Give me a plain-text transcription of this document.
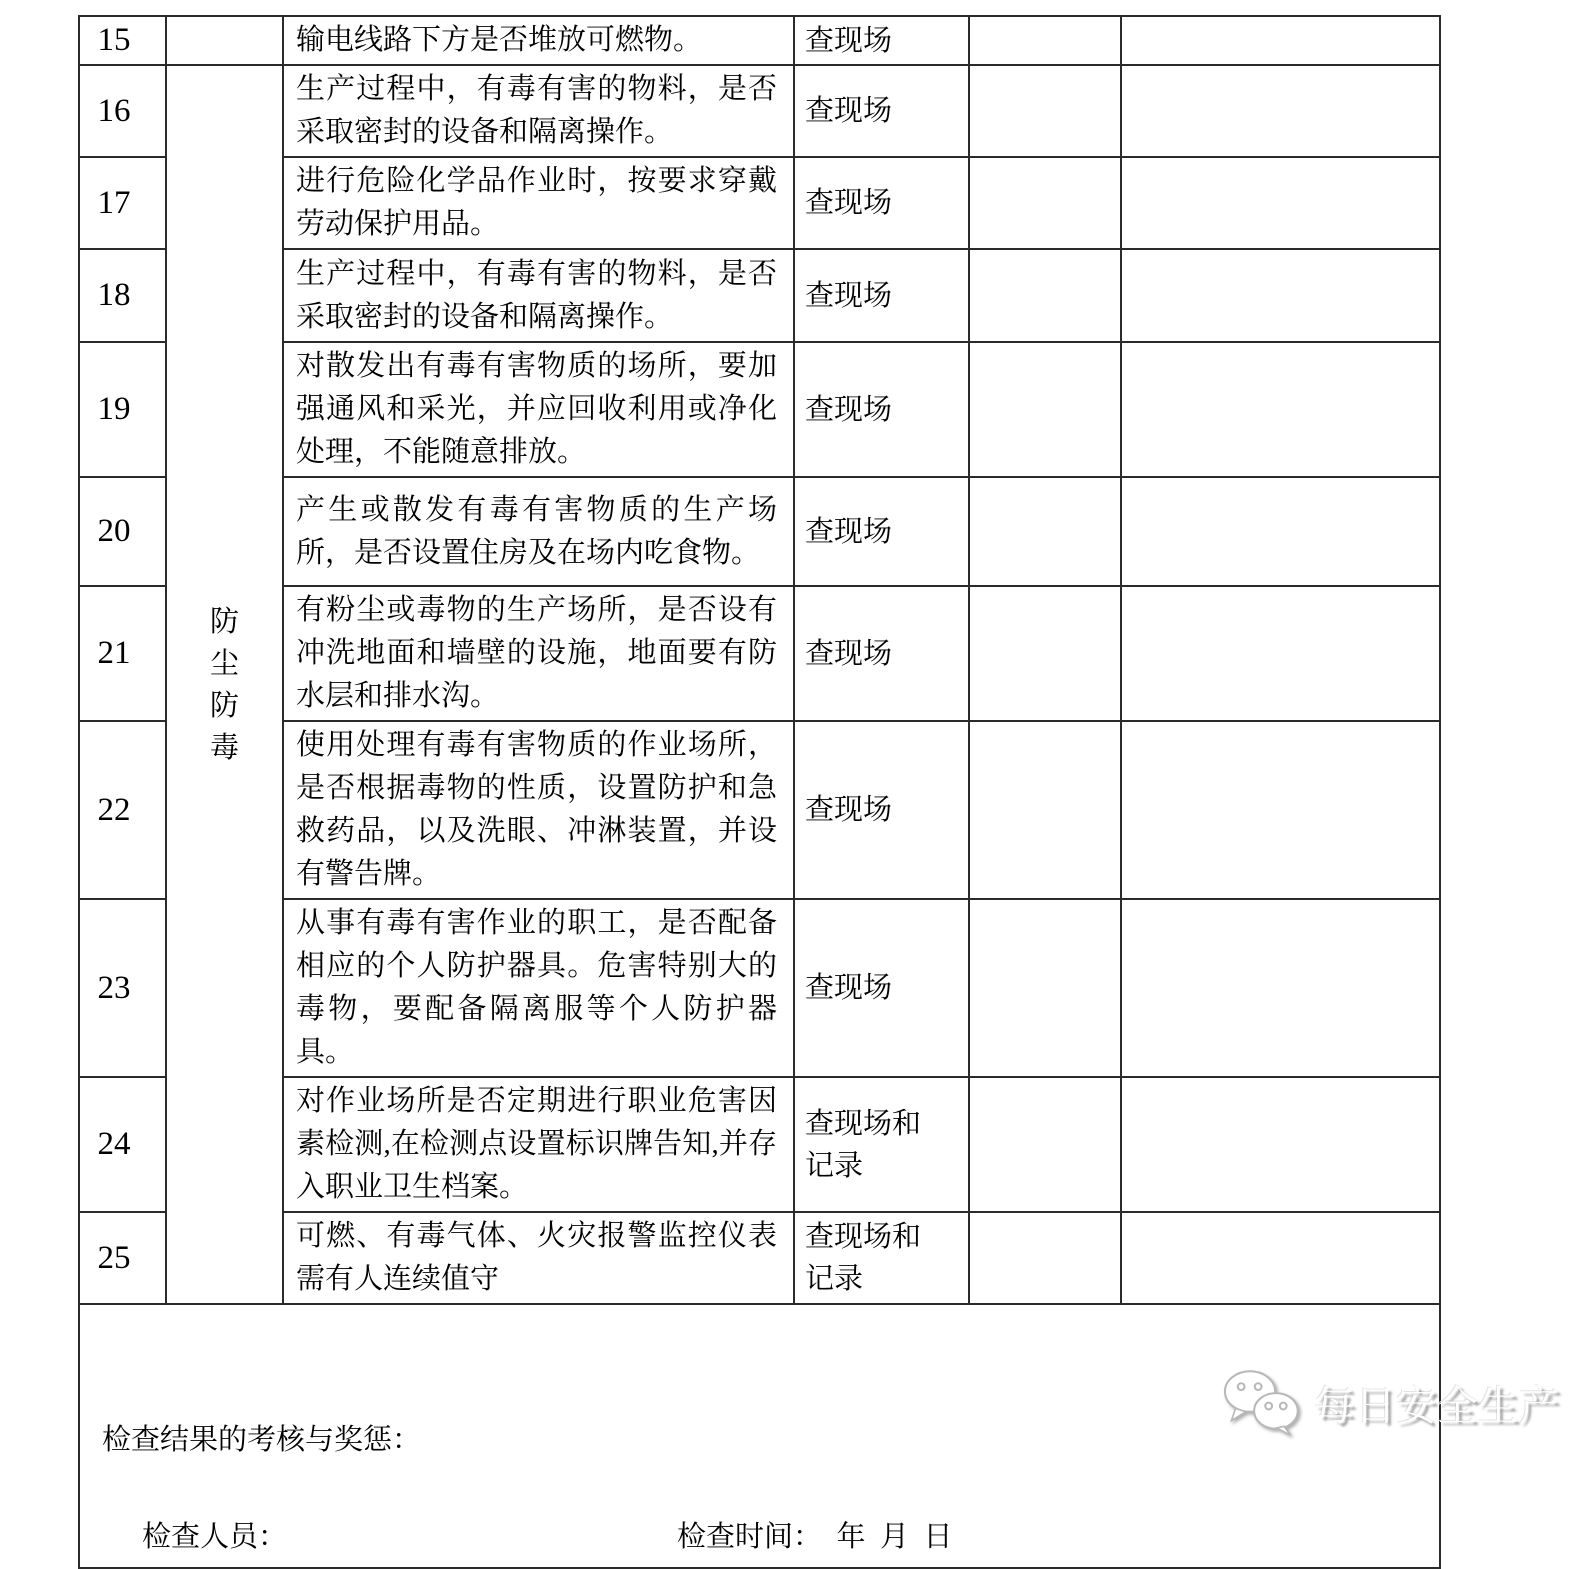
15		输电线路下方是否堆放可燃物。	查现场		
16	防尘防毒	生产过程中，有毒有害的物料，是否采取密封的设备和隔离操作。	查现场		
17		进行危险化学品作业时，按要求穿戴劳动保护用品。	查现场		
18		生产过程中，有毒有害的物料，是否采取密封的设备和隔离操作。	查现场		
19		对散发出有毒有害物质的场所，要加强通风和采光，并应回收利用或净化处理，不能随意排放。	查现场		
20		产生或散发有毒有害物质的生产场所，是否设置住房及在场内吃食物。	查现场		
21		有粉尘或毒物的生产场所，是否设有冲洗地面和墙壁的设施，地面要有防水层和排水沟。	查现场		
22		使用处理有毒有害物质的作业场所，是否根据毒物的性质，设置防护和急救药品，以及洗眼、冲淋装置，并设有警告牌。	查现场		
23		从事有毒有害作业的职工，是否配备相应的个人防护器具。危害特别大的毒物，要配备隔离服等个人防护器具。	查现场		
24		对作业场所是否定期进行职业危害因素检测,在检测点设置标识牌告知,并存入职业卫生档案。	查现场和记录		
25		可燃、有毒气体、火灾报警监控仪表需有人连续值守	查现场和记录		

检查结果的考核与奖惩：
检查人员： 检查时间：  年  月  日					
每日安全生产
